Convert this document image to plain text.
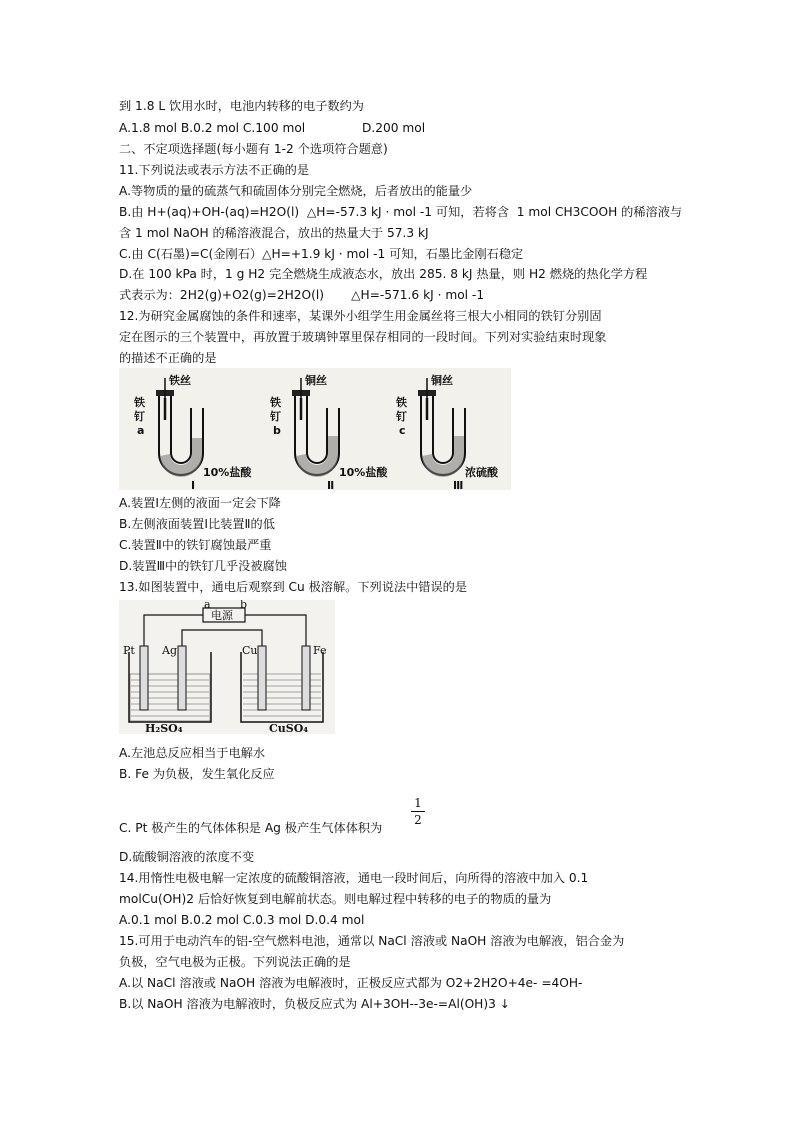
到 1.8 L 饮用水时，电池内转移的电子数约为
A.1.8 mol B.0.2 mol C.100 mol	D.200 mol
二、不定项选择题(每小题有 1-2 个选项符合题意)
11.下列说法或表示方法不正确的是
A.等物质的量的硫蒸气和硫固体分别完全燃烧，后者放出的能量少
B.由 H+(aq)+OH-(aq)=H2O(l)  △H=-57.3 kJ · mol -1 可知，若将含  1 mol CH3COOH 的稀溶液与
含 1 mol NaOH 的稀溶液混合，放出的热量大于 57.3 kJ
C.由 C(石墨)=C(金刚石）△H=+1.9 kJ · mol -1 可知，石墨比金刚石稳定
D.在 100 kPa 时，1 g H2 完全燃烧生成液态水，放出 285. 8 kJ 热量，则 H2 燃烧的热化学方程
式表示为：2H2(g)+O2(g)=2H2O(l)       △H=-571.6 kJ · mol -1
12.为研究金属腐蚀的条件和速率，某课外小组学生用金属丝将三根大小相同的铁钉分别固
定在图示的三个装置中，再放置于玻璃钟罩里保存相同的一段时间。下列对实验结束时现象
的描述不正确的是
铁丝
铁
钉
a
10%盐酸
Ⅰ
铜丝
铁
钉
b
10%盐酸
Ⅱ
铜丝
铁
钉
c
浓硫酸
Ⅲ
A.装置Ⅰ左侧的液面一定会下降
B.左侧液面装置Ⅰ比装置Ⅱ的低
C.装置Ⅱ中的铁钉腐蚀最严重
D.装置Ⅲ中的铁钉几乎没被腐蚀
13.如图装置中，通电后观察到 Cu 极溶解。下列说法中错误的是
电源
a	b
Pt Ag	Cu	Fe
H₂SO₄	CuSO₄
A.左池总反应相当于电解水
B. Fe 为负极，发生氧化反应
1
2
C. Pt 极产生的气体体积是 Ag 极产生气体体积为
D.硫酸铜溶液的浓度不变
14.用惰性电极电解一定浓度的硫酸铜溶液，通电一段时间后，向所得的溶液中加入 0.1
molCu(OH)2 后恰好恢复到电解前状态。则电解过程中转移的电子的物质的量为
A.0.1 mol B.0.2 mol C.0.3 mol D.0.4 mol
15.可用于电动汽车的铝-空气燃料电池，通常以 NaCl 溶液或 NaOH 溶液为电解液，铝合金为
负极，空气电极为正极。下列说法正确的是
A.以 NaCl 溶液或 NaOH 溶液为电解液时，正极反应式都为 O2+2H2O+4e- =4OH-
B.以 NaOH 溶液为电解液时，负极反应式为 Al+3OH--3e-=Al(OH)3 ↓
